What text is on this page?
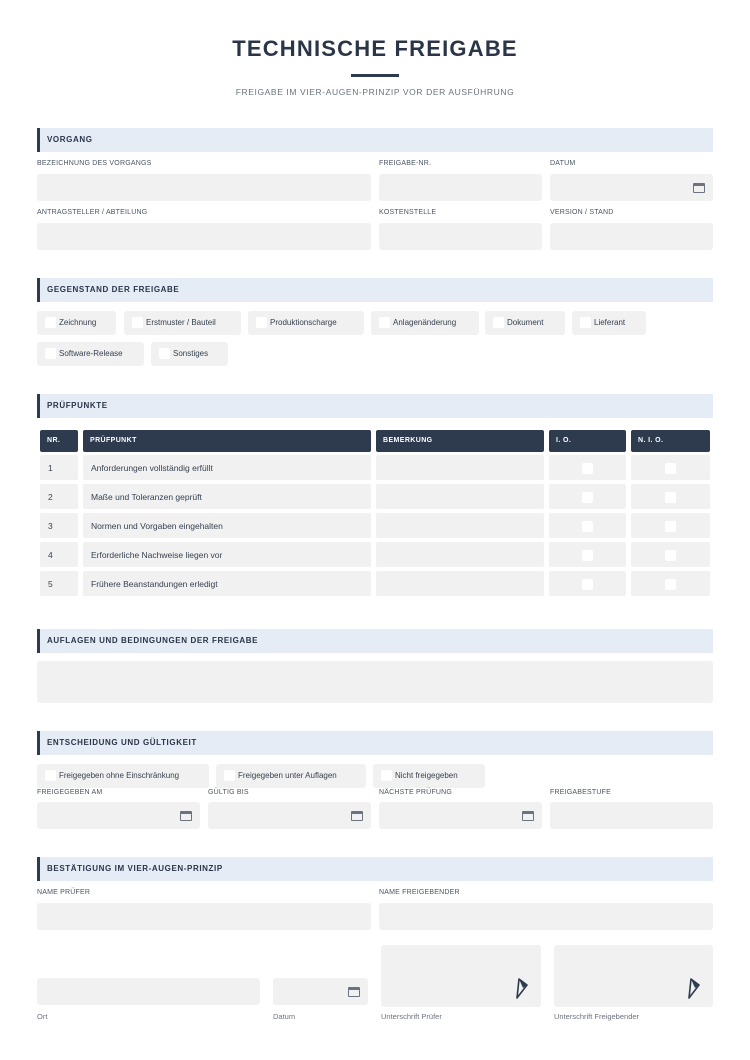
TECHNISCHE FREIGABE
FREIGABE IM VIER-AUGEN-PRINZIP VOR DER AUSFÜHRUNG
VORGANG
BEZEICHNUNG DES VORGANGS	FREIGABE-NR.	DATUM
ANTRAGSTELLER / ABTEILUNG	KOSTENSTELLE	VERSION / STAND
GEGENSTAND DER FREIGABE
Zeichnung	Erstmuster / Bauteil	Produktionscharge	Anlagenänderung	Dokument	Lieferant
Software-Release	Sonstiges
PRÜFPUNKTE
NR.	PRÜFPUNKT	BEMERKUNG	I. O.	N. I. O.
1	Anforderungen vollständig erfüllt
2	Maße und Toleranzen geprüft
3	Normen und Vorgaben eingehalten
4	Erforderliche Nachweise liegen vor
5	Frühere Beanstandungen erledigt
AUFLAGEN UND BEDINGUNGEN DER FREIGABE
ENTSCHEIDUNG UND GÜLTIGKEIT
Freigegeben ohne Einschränkung	Freigegeben unter Auflagen	Nicht freigegeben
FREIGEGEBEN AM	GÜLTIG BIS	NÄCHSTE PRÜFUNG	FREIGABESTUFE
BESTÄTIGUNG IM VIER-AUGEN-PRINZIP
NAME PRÜFER	NAME FREIGEBENDER
Ort	Datum	Unterschrift Prüfer	Unterschrift Freigebender
